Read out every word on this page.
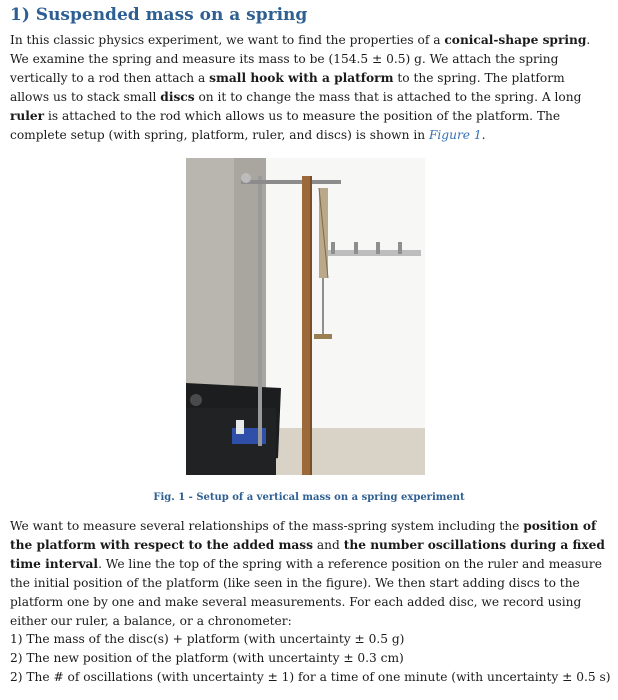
1) Suspended mass on a spring
In this classic physics experiment, we want to find the properties of a conical-shape spring. We examine the spring and measure its mass to be (154.5 ± 0.5) g. We attach the spring vertically to a rod then attach a small hook with a platform to the spring. The platform allows us to stack small discs on it to change the mass that is attached to the spring. A long ruler is attached to the rod which allows us to measure the position of the platform. The complete setup (with spring, platform, ruler, and discs) is shown in Figure 1.
Fig. 1 - Setup of a vertical mass on a spring experiment
We want to measure several relationships of the mass-spring system including the position of the platform with respect to the added mass and the number oscillations during a fixed time interval. We line the top of the spring with a reference position on the ruler and measure the initial position of the platform (like seen in the figure). We then start adding discs to the platform one by one and make several measurements. For each added disc, we record using either our ruler, a balance, or a chronometer:
1) The mass of the disc(s) + platform (with uncertainty ± 0.5 g)
2) The new position of the platform (with uncertainty ± 0.3 cm)
2) The # of oscillations (with uncertainty ± 1) for a time of one minute (with uncertainty ± 0.5 s)
